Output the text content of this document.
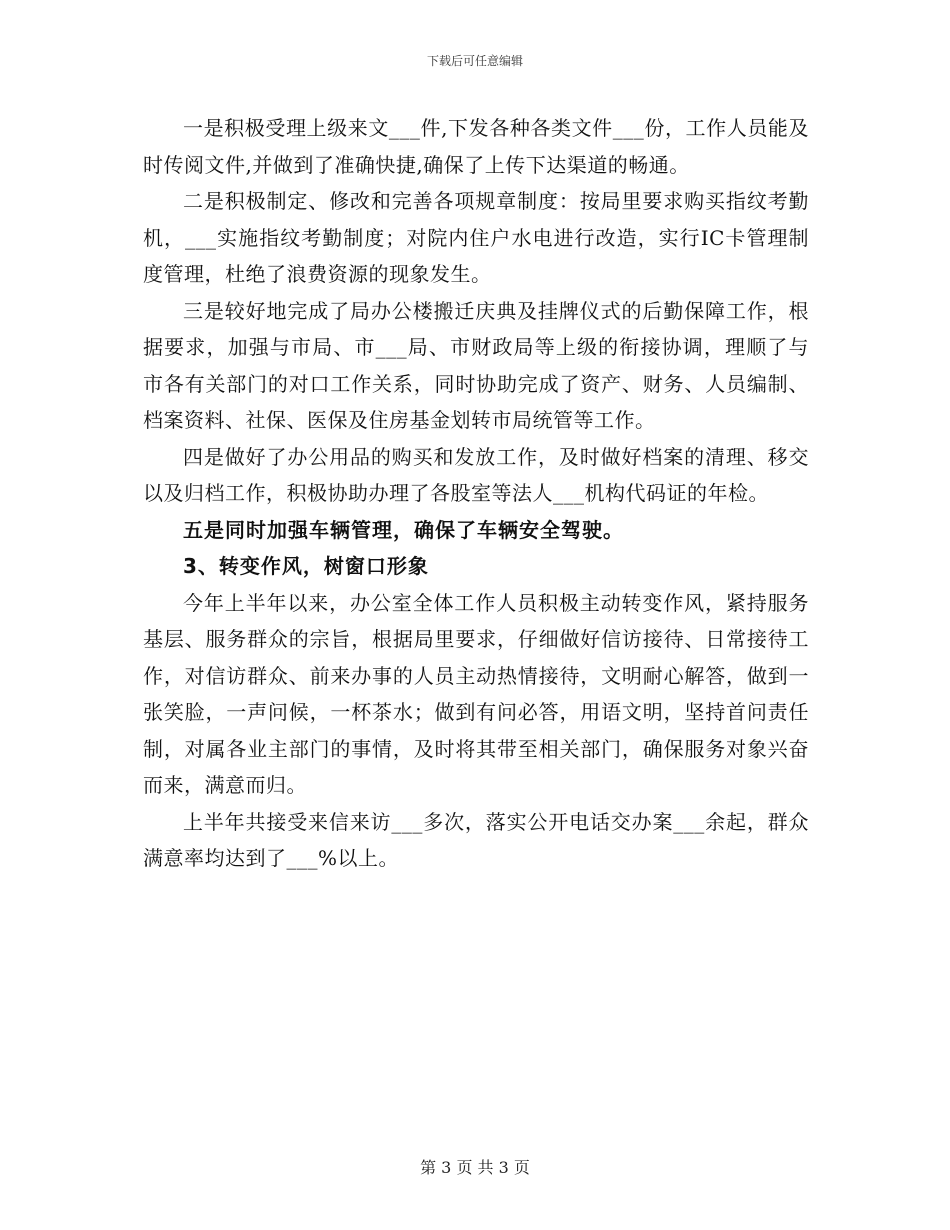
下载后可任意编辑

一是积极受理上级来文___件,下发各种各类文件___份，工作人员能及时传阅文件,并做到了准确快捷,确保了上传下达渠道的畅通。

二是积极制定、修改和完善各项规章制度：按局里要求购买指纹考勤机，___实施指纹考勤制度；对院内住户水电进行改造，实行IC卡管理制度管理，杜绝了浪费资源的现象发生。

三是较好地完成了局办公楼搬迁庆典及挂牌仪式的后勤保障工作，根据要求，加强与市局、市___局、市财政局等上级的衔接协调，理顺了与市各有关部门的对口工作关系，同时协助完成了资产、财务、人员编制、档案资料、社保、医保及住房基金划转市局统管等工作。

四是做好了办公用品的购买和发放工作，及时做好档案的清理、移交以及归档工作，积极协助办理了各股室等法人___机构代码证的年检。

五是同时加强车辆管理，确保了车辆安全驾驶。

3、转变作风，树窗口形象

今年上半年以来，办公室全体工作人员积极主动转变作风，紧持服务基层、服务群众的宗旨，根据局里要求，仔细做好信访接待、日常接待工作，对信访群众、前来办事的人员主动热情接待，文明耐心解答，做到一张笑脸，一声问候，一杯茶水；做到有问必答，用语文明，坚持首问责任制，对属各业主部门的事情，及时将其带至相关部门，确保服务对象兴奋而来，满意而归。

上半年共接受来信来访___多次，落实公开电话交办案___余起，群众满意率均达到了___%以上。

第 3 页 共 3 页
